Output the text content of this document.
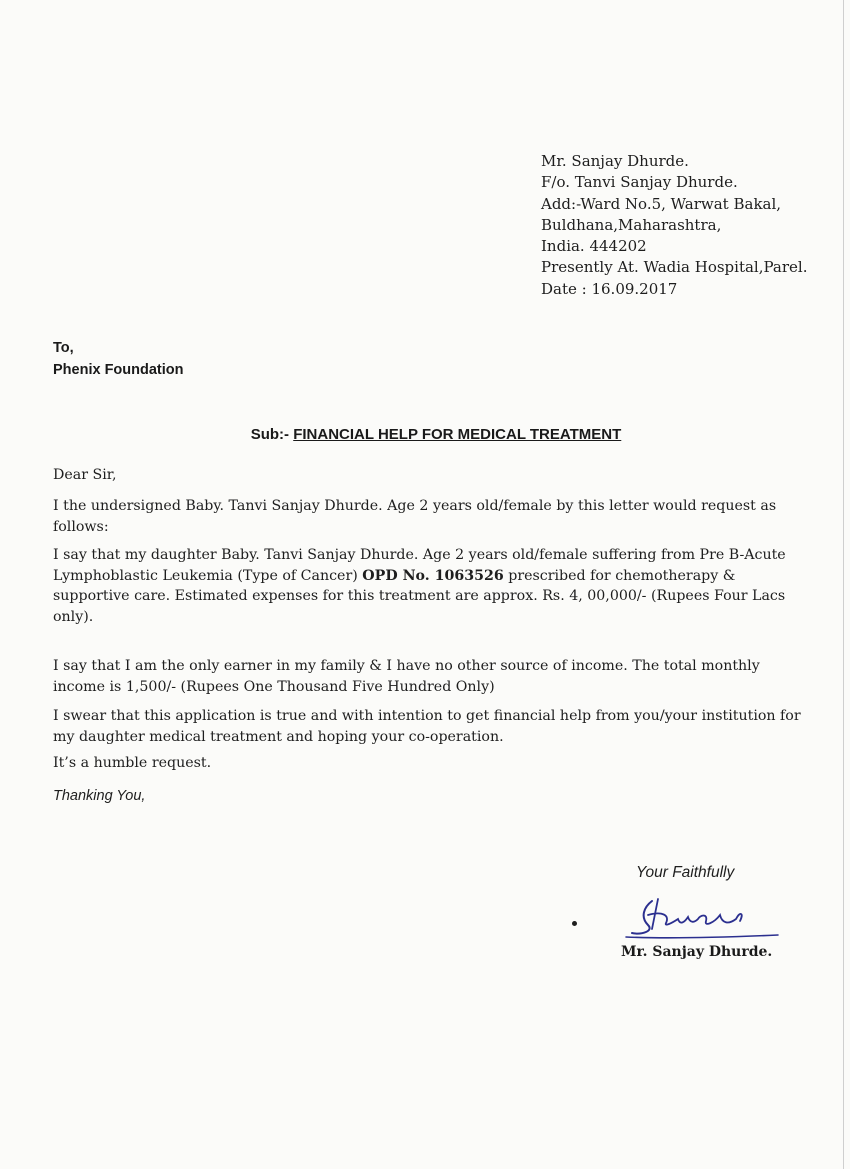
Mr. Sanjay Dhurde.
F/o. Tanvi Sanjay Dhurde.
Add:-Ward No.5, Warwat Bakal,
Buldhana,Maharashtra,
India. 444202
Presently At. Wadia Hospital,Parel.
Date : 16.09.2017
To,
Phenix Foundation
Sub:- FINANCIAL HELP FOR MEDICAL TREATMENT
Dear Sir,
I the undersigned Baby. Tanvi Sanjay Dhurde. Age 2 years old/female by this letter would request as follows:
I say that my daughter Baby. Tanvi Sanjay Dhurde. Age 2 years old/female suffering from Pre B-Acute Lymphoblastic Leukemia (Type of Cancer) OPD No. 1063526 prescribed for chemotherapy & supportive care. Estimated expenses for this treatment are approx. Rs. 4, 00,000/- (Rupees Four Lacs only).
I say that I am the only earner in my family & I have no other source of income. The total monthly income is 1,500/- (Rupees One Thousand Five Hundred Only)
I swear that this application is true and with intention to get financial help from you/your institution for my daughter medical treatment and hoping your co-operation.
It’s a humble request.
Thanking You,
Your Faithfully
Mr. Sanjay Dhurde.
